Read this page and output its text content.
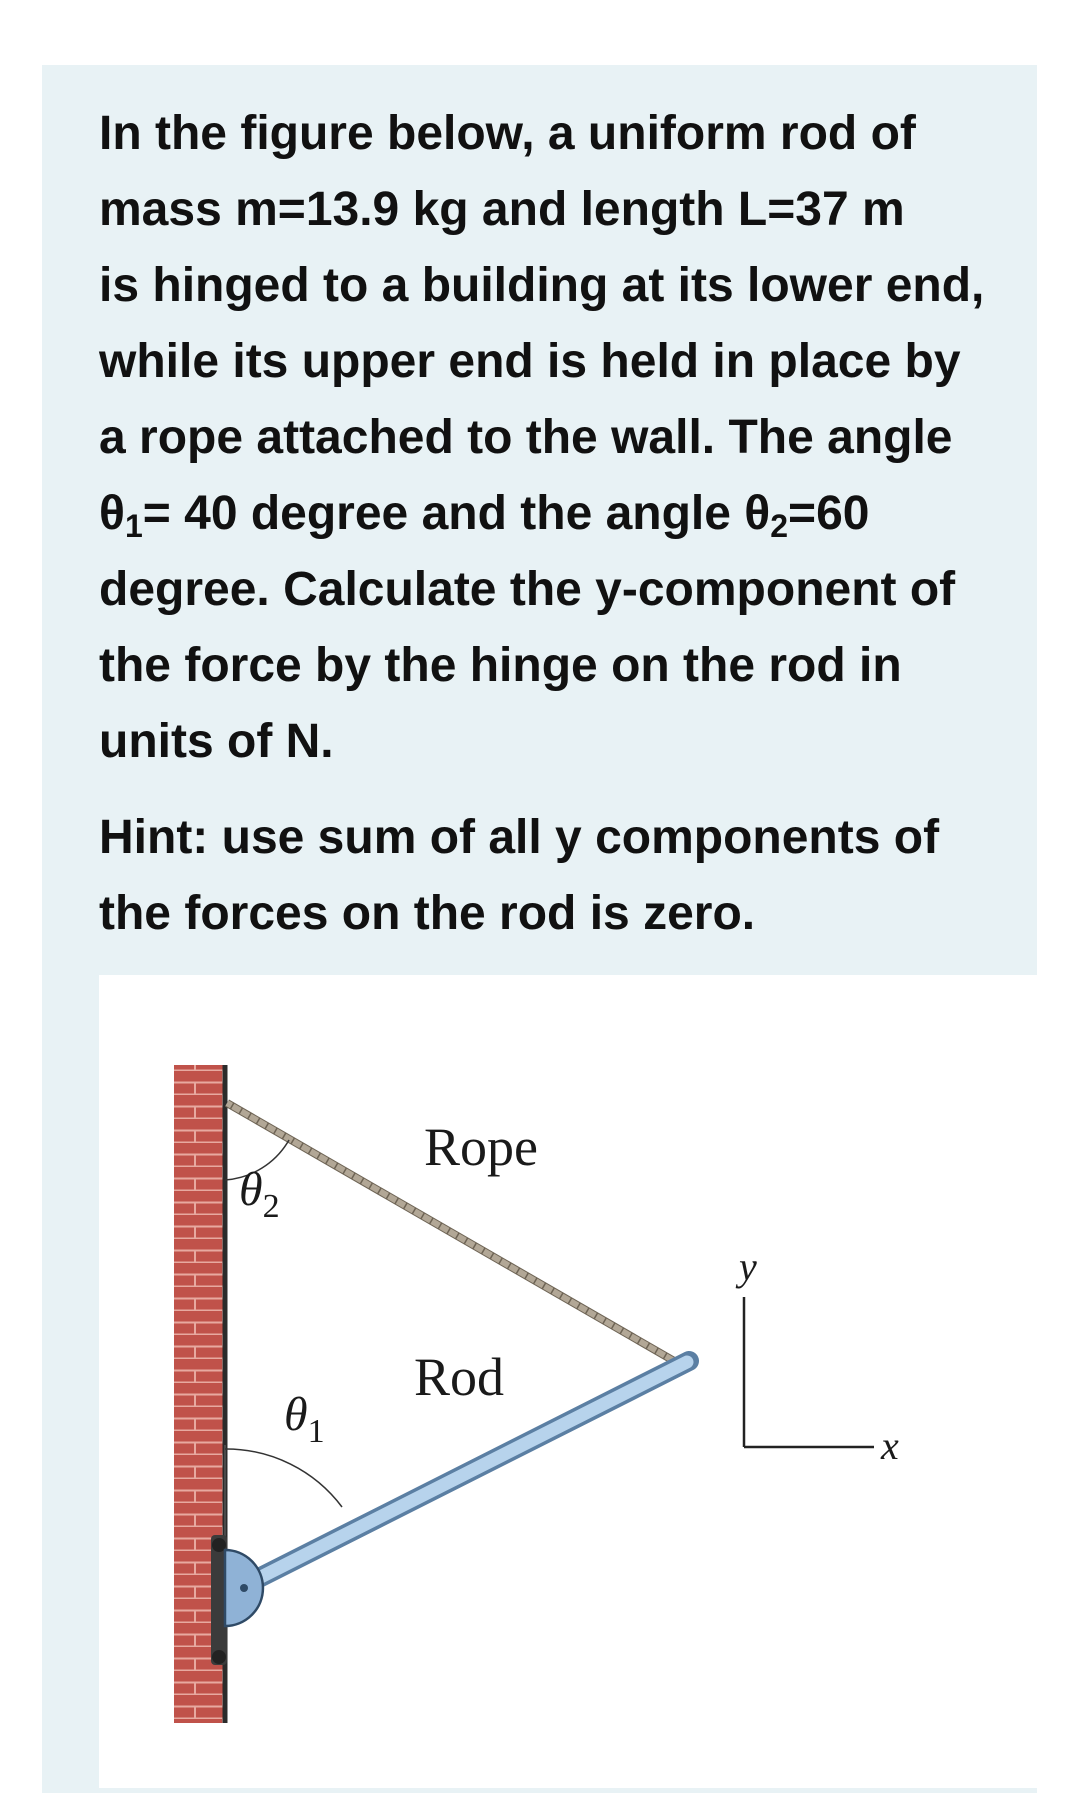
In the figure below, a uniform rod of

mass m=13.9 kg and length L=37 m

is hinged to a building at its lower end,

while its upper end is held in place by

a rope attached to the wall. The angle

$\theta_1= 40$ degree and the angle $\theta_2=60$

degree. Calculate the y-component of

the force by the hinge on the rod in

units of N.

Hint: use sum of all y components of
the forces on the rod is zero.
Rope
Rod
$\theta_2$
$\theta_1$
y
x
